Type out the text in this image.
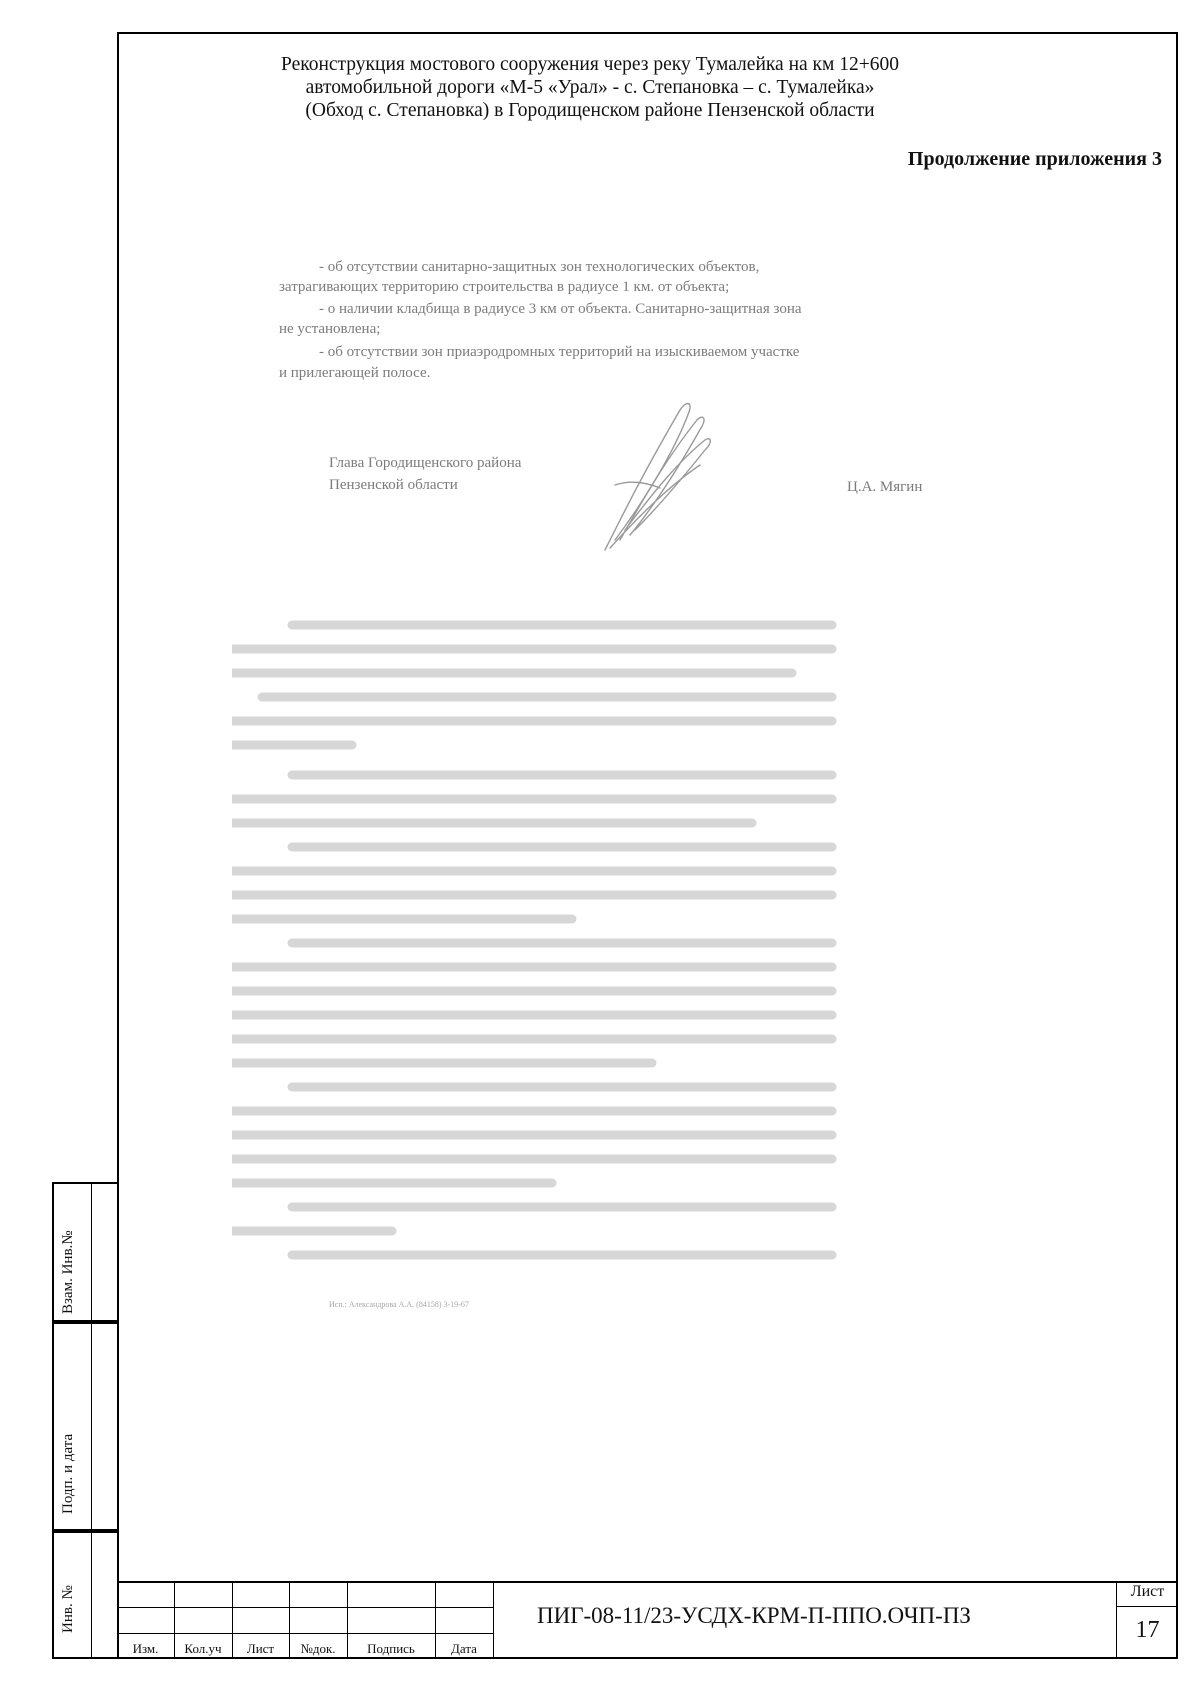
Реконструкция мостового сооружения через реку Тумалейка на км 12+600
автомобильной дороги «М-5 «Урал» - с. Степановка – с. Тумалейка»
(Обход с. Степановка) в Городищенском районе Пензенской области
Продолжение приложения 3
- об отсутствии санитарно-защитных зон технологических объектов,
затрагивающих территорию строительства в радиусе 1 км. от объекта;
- о наличии кладбища в радиусе 3 км от объекта. Санитарно-защитная зона
не установлена;
- об отсутствии зон приаэродромных территорий на изыскиваемом участке
и прилегающей полосе.
Глава Городищенского района
Пензенской области	Ц.А. Мягин
Исп.: Александрова А.А. (84158) 3-19-67
Взам. Инв.№
Подп. и дата
Инв. №
Изм.	Кол.уч	Лист	№док.	Подпись	Дата
ПИГ-08-11/23-УСДХ-КРМ-П-ППО.ОЧП-ПЗ
Лист
17
